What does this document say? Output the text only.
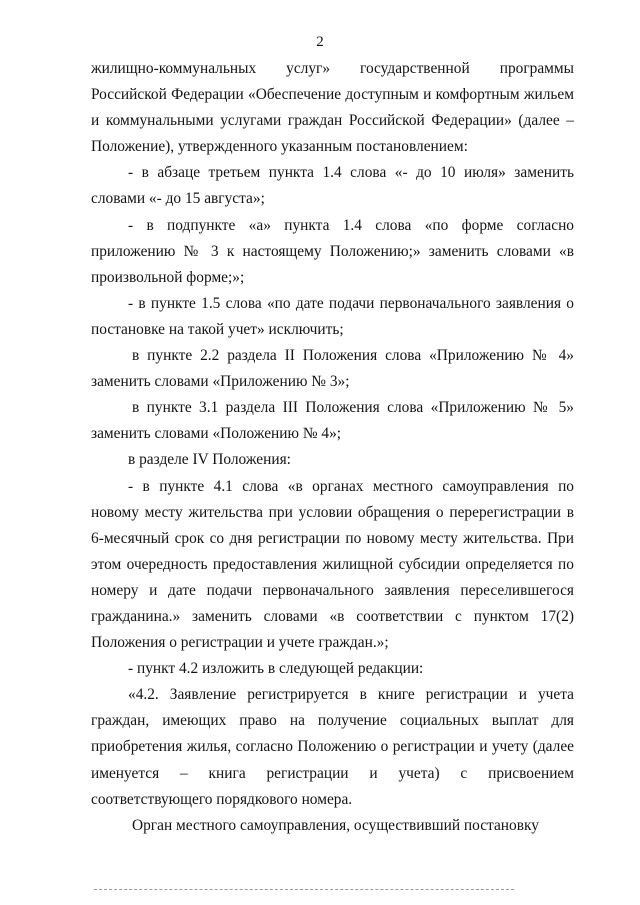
2

жилищно-коммунальных услуг» государственной программы Российской Федерации «Обеспечение доступным и комфортным жильем и коммунальными услугами граждан Российской Федерации» (далее – Положение), утвержденного указанным постановлением:

- в абзаце третьем пункта 1.4 слова «- до 10 июля» заменить словами «- до 15 августа»;

- в подпункте «а» пункта 1.4 слова «по форме согласно приложению № 3 к настоящему Положению;» заменить словами «в произвольной форме;»;

- в пункте 1.5 слова «по дате подачи первоначального заявления о постановке на такой учет» исключить;

в пункте 2.2 раздела II Положения слова «Приложению № 4» заменить словами «Приложению № 3»;

в пункте 3.1 раздела III Положения слова «Приложению № 5» заменить словами «Положению № 4»;

в разделе IV Положения:

- в пункте 4.1 слова «в органах местного самоуправления по новому месту жительства при условии обращения о перерегистрации в 6-месячный срок со дня регистрации по новому месту жительства. При этом очередность предоставления жилищной субсидии определяется по номеру и дате подачи первоначального заявления переселившегося гражданина.» заменить словами «в соответствии с пунктом 17(2) Положения о регистрации и учете граждан.»;

- пункт 4.2 изложить в следующей редакции:

«4.2. Заявление регистрируется в книге регистрации и учета граждан, имеющих право на получение социальных выплат для приобретения жилья, согласно Положению о регистрации и учету (далее именуется – книга регистрации и учета) с присвоением соответствующего порядкового номера.

Орган местного самоуправления, осуществивший постановку
